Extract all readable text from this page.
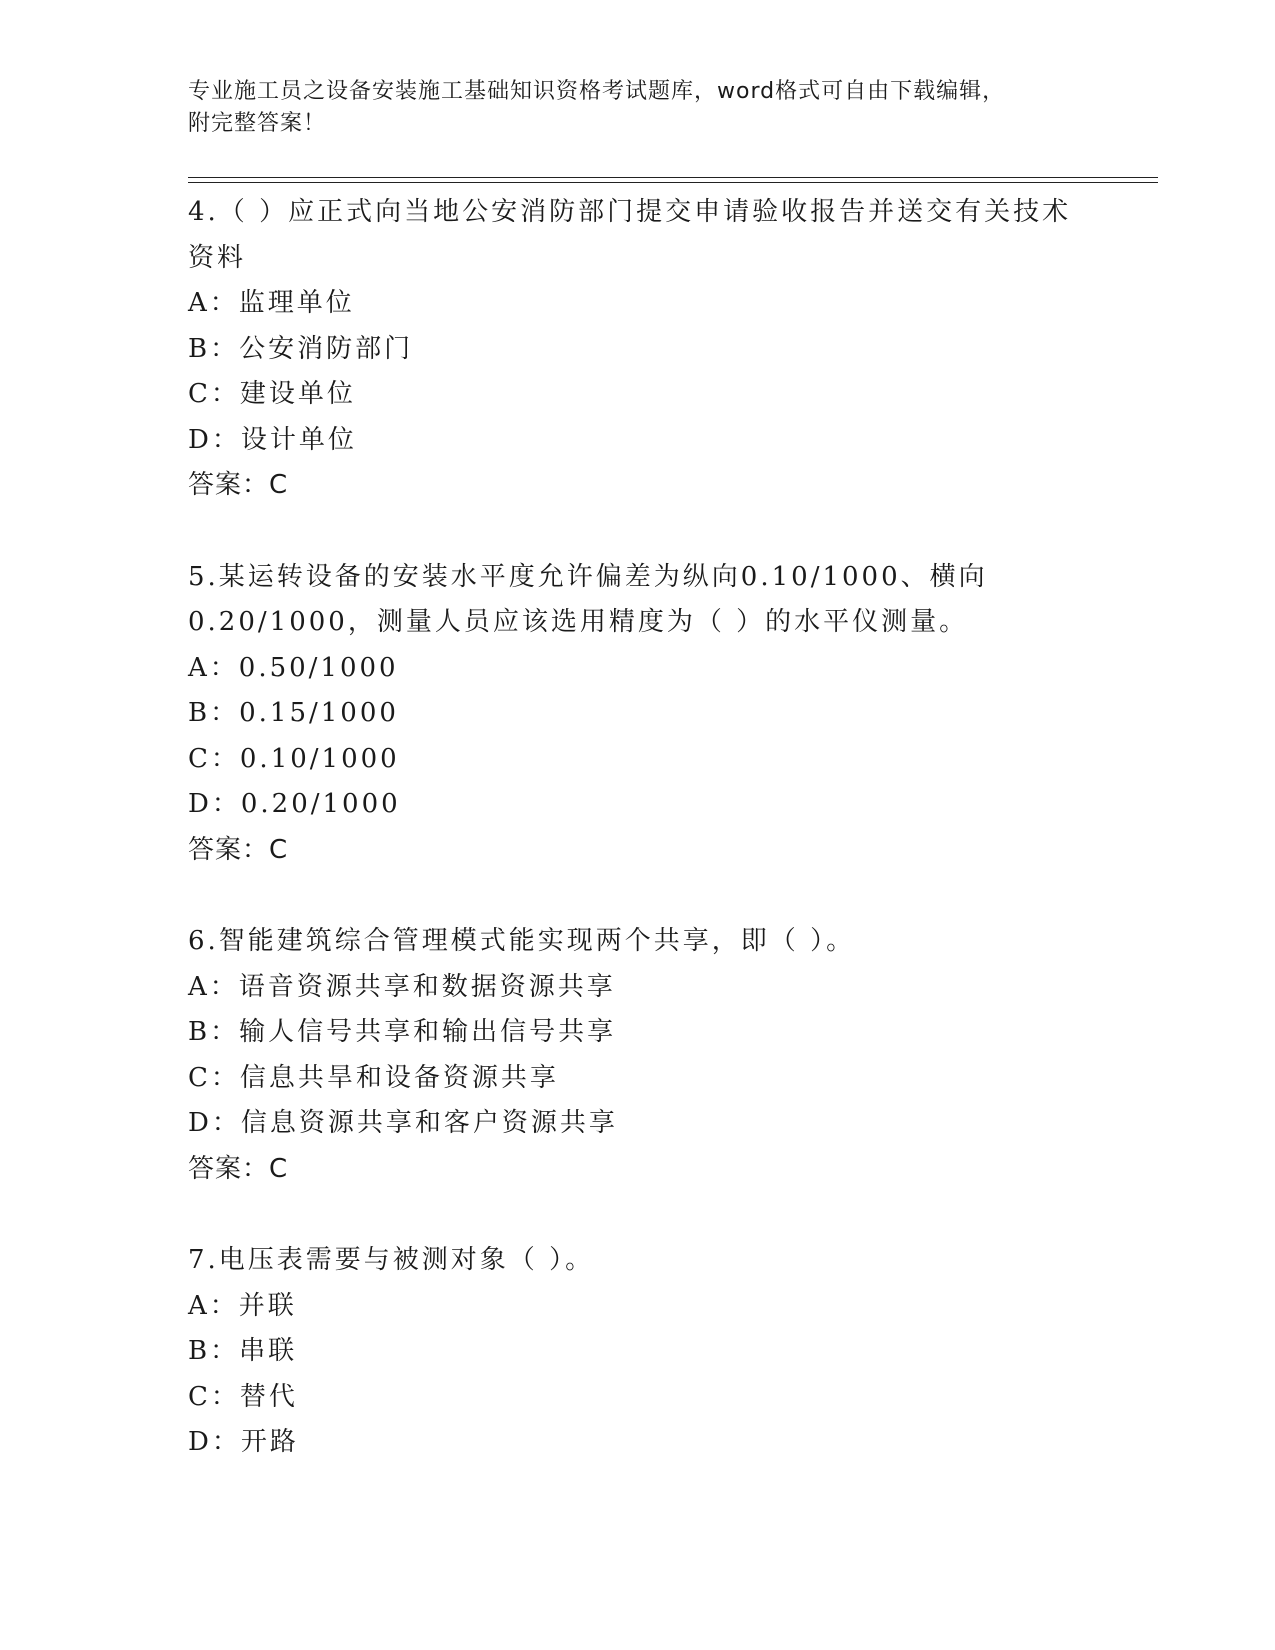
专业施工员之设备安装施工基础知识资格考试题库，word格式可自由下载编辑，
附完整答案！
4.（ ）应正式向当地公安消防部门提交申请验收报告并送交有关技术
资料
A：监理单位
B：公安消防部门
C：建设单位
D：设计单位
答案：C
5.某运转设备的安装水平度允许偏差为纵向0.10/1000、横向
0.20/1000，测量人员应该选用精度为（ ）的水平仪测量。
A：0.50/1000
B：0.15/1000
C：0.10/1000
D：0.20/1000
答案：C
6.智能建筑综合管理模式能实现两个共享，即（ ）。
A：语音资源共享和数据资源共享
B：输人信号共享和输出信号共享
C：信息共旱和设备资源共享
D：信息资源共享和客户资源共享
答案：C
7.电压表需要与被测对象（ ）。
A：并联
B：串联
C：替代
D：开路
